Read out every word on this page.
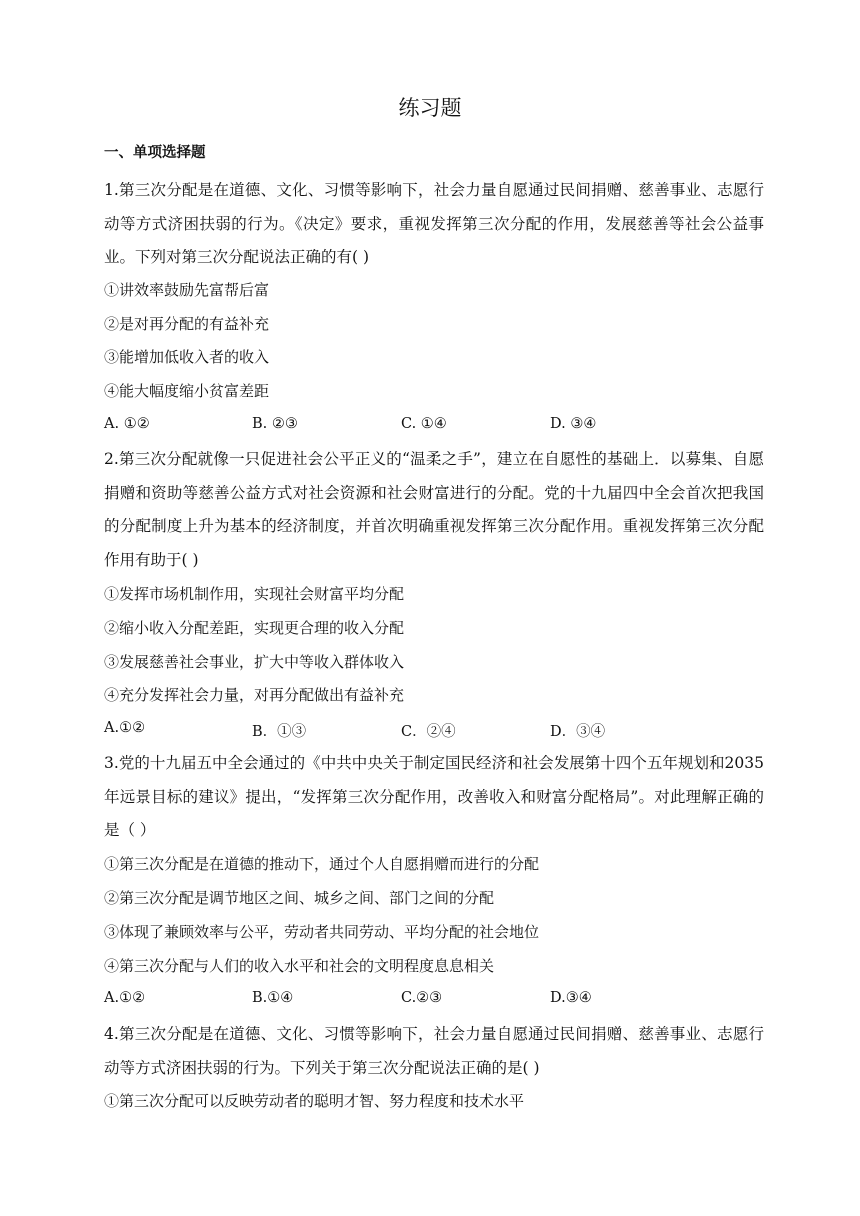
练习题
一、单项选择题
1.第三次分配是在道德、文化、习惯等影响下，社会力量自愿通过民间捐赠、慈善事业、志愿行动等方式济困扶弱的行为。《决定》要求，重视发挥第三次分配的作用，发展慈善等社会公益事业。下列对第三次分配说法正确的有( )
①讲效率鼓励先富帮后富
②是对再分配的有益补充
③能增加低收入者的收入
④能大幅度缩小贫富差距
A. ①②	B. ②③	C. ①④	D. ③④
2.第三次分配就像一只促进社会公平正义的“温柔之手”，建立在自愿性的基础上．以募集、自愿捐赠和资助等慈善公益方式对社会资源和社会财富进行的分配。党的十九届四中全会首次把我国的分配制度上升为基本的经济制度，并首次明确重视发挥第三次分配作用。重视发挥第三次分配作用有助于( )
①发挥市场机制作用，实现社会财富平均分配
②缩小收入分配差距，实现更合理的收入分配
③发展慈善社会事业，扩大中等收入群体收入
④充分发挥社会力量，对再分配做出有益补充
A.①②	B．①③	C．②④	D．③④
3.党的十九届五中全会通过的《中共中央关于制定国民经济和社会发展第十四个五年规划和2035年远景目标的建议》提出，“发挥第三次分配作用，改善收入和财富分配格局”。对此理解正确的是（ ）
①第三次分配是在道德的推动下，通过个人自愿捐赠而进行的分配
②第三次分配是调节地区之间、城乡之间、部门之间的分配
③体现了兼顾效率与公平，劳动者共同劳动、平均分配的社会地位
④第三次分配与人们的收入水平和社会的文明程度息息相关
A.①②	B.①④	C.②③	D.③④
4.第三次分配是在道德、文化、习惯等影响下，社会力量自愿通过民间捐赠、慈善事业、志愿行动等方式济困扶弱的行为。下列关于第三次分配说法正确的是( )
①第三次分配可以反映劳动者的聪明才智、努力程度和技术水平
